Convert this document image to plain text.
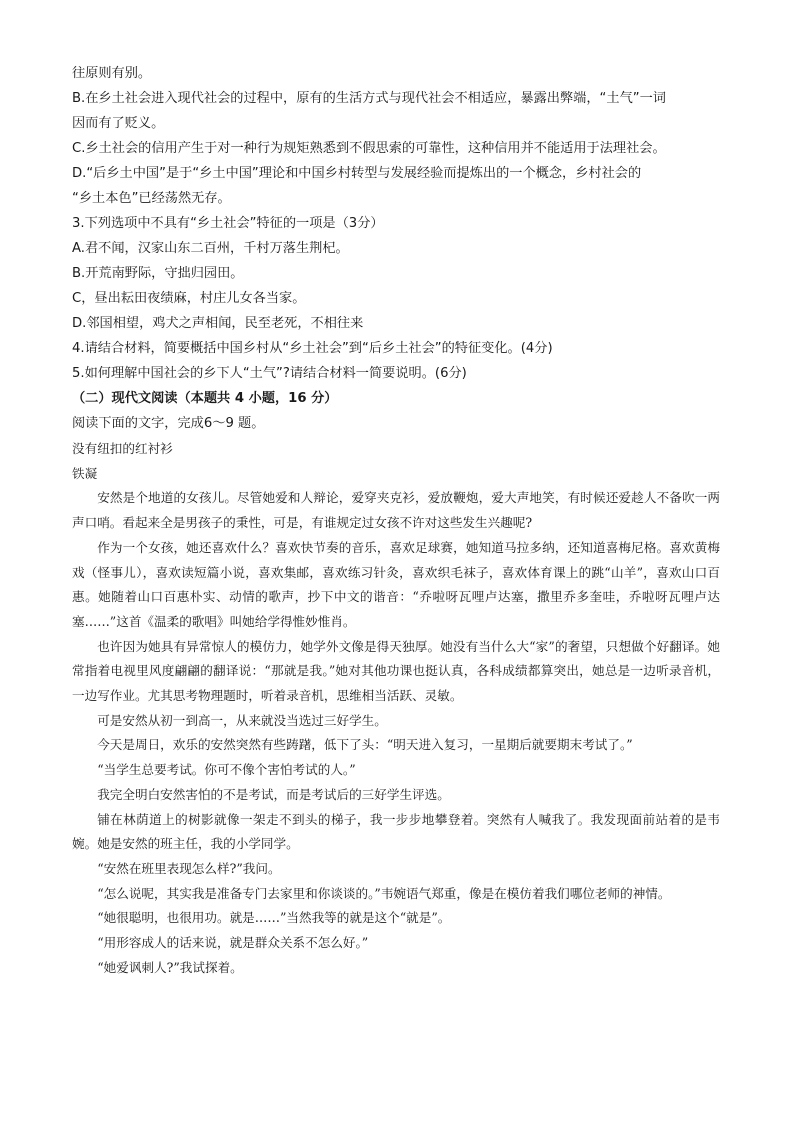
往原则有别。

B.在乡土社会进入现代社会的过程中，原有的生活方式与现代社会不相适应，暴露出弊端，“土气”一词

因而有了贬义。

C.乡土社会的信用产生于对一种行为规矩熟悉到不假思索的可靠性，这种信用并不能适用于法理社会。

D.“后乡土中国”是于“乡土中国”理论和中国乡村转型与发展经验而提炼出的一个概念，乡村社会的

“乡土本色”已经荡然无存。

3.下列选项中不具有“乡土社会”特征的一项是（3分）

A.君不闻，汉家山东二百州，千村万落生荆杞。

B.开荒南野际，守拙归园田。

C，昼出耘田夜绩麻，村庄儿女各当家。

D.邻国相望，鸡犬之声相闻，民至老死，不相往来

4.请结合材料，简要概括中国乡村从“乡土社会”到“后乡土社会”的特征变化。(4分)

5.如何理解中国社会的乡下人“土气”?请结合材料一简要说明。(6分)

（二）现代文阅读（本题共 4 小题，16 分）

阅读下面的文字，完成6～9 题。

没有纽扣的红衬衫

铁凝

安然是个地道的女孩儿。尽管她爱和人辩论，爱穿夹克衫，爱放鞭炮，爱大声地笑，有时候还爱趁人不备吹一两声口哨。看起来全是男孩子的秉性，可是，有谁规定过女孩不许对这些发生兴趣呢?

作为一个女孩，她还喜欢什么？喜欢快节奏的音乐，喜欢足球赛，她知道马拉多纳，还知道喜梅尼格。喜欢黄梅戏（怪事儿），喜欢读短篇小说，喜欢集邮，喜欢练习针灸，喜欢织毛袜子，喜欢体育课上的跳“山羊”，喜欢山口百惠。她随着山口百惠朴实、动情的歌声，抄下中文的谐音：“乔啦呀瓦哩卢达塞，撒里乔多奎哇，乔啦呀瓦哩卢达塞……”这首《温柔的歌唱》叫她给学得惟妙惟肖。

也许因为她具有异常惊人的模仿力，她学外文像是得天独厚。她没有当什么大“家”的奢望，只想做个好翻译。她常指着电视里风度翩翩的翻译说：“那就是我。”她对其他功课也挺认真，各科成绩都算突出，她总是一边听录音机，一边写作业。尤其思考物理题时，听着录音机，思维相当活跃、灵敏。

可是安然从初一到高一，从来就没当选过三好学生。

今天是周日，欢乐的安然突然有些踌躇，低下了头：“明天进入复习，一星期后就要期末考试了。”

“当学生总要考试。你可不像个害怕考试的人。”

我完全明白安然害怕的不是考试，而是考试后的三好学生评选。

铺在林荫道上的树影就像一架走不到头的梯子，我一步步地攀登着。突然有人喊我了。我发现面前站着的是韦婉。她是安然的班主任，我的小学同学。

“安然在班里表现怎么样?”我问。

“怎么说呢，其实我是准备专门去家里和你谈谈的。”韦婉语气郑重，像是在模仿着我们哪位老师的神情。

“她很聪明，也很用功。就是……”当然我等的就是这个“就是”。

“用形容成人的话来说，就是群众关系不怎么好。”

“她爱讽刺人?”我试探着。
